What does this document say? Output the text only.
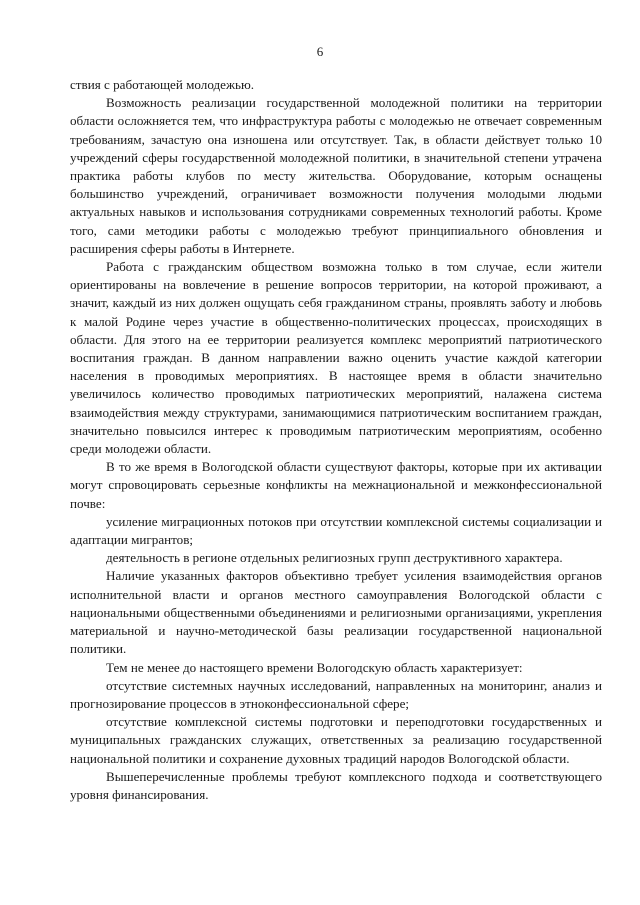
6

ствия с работающей молодежью.

Возможность реализации государственной молодежной политики на территории области осложняется тем, что инфраструктура работы с молодежью не отвечает современным требованиям, зачастую она изношена или отсутствует. Так, в области действует только 10 учреждений сферы государственной молодежной политики, в значительной степени утрачена практика работы клубов по месту жительства. Оборудование, которым оснащены большинство учреждений, ограничивает возможности получения молодыми людьми актуальных навыков и использования сотрудниками современных технологий работы. Кроме того, сами методики работы с молодежью требуют принципиального обновления и расширения сферы работы в Интернете.

Работа с гражданским обществом возможна только в том случае, если жители ориентированы на вовлечение в решение вопросов территории, на которой проживают, а значит, каждый из них должен ощущать себя гражданином страны, проявлять заботу и любовь к малой Родине через участие в общественно-политических процессах, происходящих в области. Для этого на ее территории реализуется комплекс мероприятий патриотического воспитания граждан. В данном направлении важно оценить участие каждой категории населения в проводимых мероприятиях. В настоящее время в области значительно увеличилось количество проводимых патриотических мероприятий, налажена система взаимодействия между структурами, занимающимися патриотическим воспитанием граждан, значительно повысился интерес к проводимым патриотическим мероприятиям, особенно среди молодежи области.

В то же время в Вологодской области существуют факторы, которые при их активации могут спровоцировать серьезные конфликты на межнациональной и межконфессиональной почве:

усиление миграционных потоков при отсутствии комплексной системы социализации и адаптации мигрантов;

деятельность в регионе отдельных религиозных групп деструктивного характера.

Наличие указанных факторов объективно требует усиления взаимодействия органов исполнительной власти и органов местного самоуправления Вологодской области с национальными общественными объединениями и религиозными организациями, укрепления материальной и научно-методической базы реализации государственной национальной политики.

Тем не менее до настоящего времени Вологодскую область характеризует:

отсутствие системных научных исследований, направленных на мониторинг, анализ и прогнозирование процессов в этноконфессиональной сфере;

отсутствие комплексной системы подготовки и переподготовки государственных и муниципальных гражданских служащих, ответственных за реализацию государственной национальной политики и сохранение духовных традиций народов Вологодской области.

Вышеперечисленные проблемы требуют комплексного подхода и соответствующего уровня финансирования.
